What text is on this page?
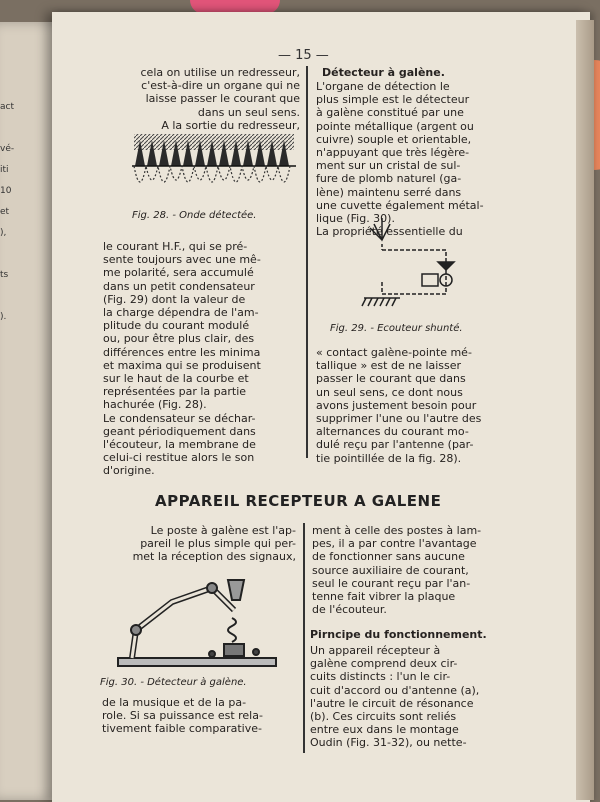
act

vé-

iti

10

et

),

ts

).

— 15 —

cela on utilise un redresseur,

c'est-à-dire un organe qui ne

laisse passer le courant que

dans un seul sens.

A la sortie du redresseur,

Fig. 28. - Onde détectée.

le courant H.F., qui se pré-

sente toujours avec une mê-

me polarité, sera accumulé

dans un petit condensateur

(Fig. 29) dont la valeur de

la charge dépendra de l'am-

plitude du courant modulé

ou, pour être plus clair, des

différences entre les minima

et maxima qui se produisent

sur le haut de la courbe et

représentées par la partie

hachurée (Fig. 28).

Le condensateur se déchar-

geant périodiquement dans

l'écouteur, la membrane de

celui-ci restitue alors le son

d'origine.

Détecteur à galène.

L'organe de détection le

plus simple est le détecteur

à galène constitué par une

pointe métallique (argent ou

cuivre) souple et orientable,

n'appuyant que très légère-

ment sur un cristal de sul-

fure de plomb naturel (ga-

lène) maintenu serré dans

une cuvette également métal-

lique (Fig. 30).

La propriété essentielle du

Fig. 29. - Ecouteur shunté.

« contact galène-pointe mé-

tallique » est de ne laisser

passer le courant que dans

un seul sens, ce dont nous

avons justement besoin pour

supprimer l'une ou l'autre des

alternances du courant mo-

dulé reçu par l'antenne (par-

tie pointillée de la fig. 28).

APPAREIL RECEPTEUR A GALENE

Le poste à galène est l'ap-

pareil le plus simple qui per-

met la réception des signaux,

Fig. 30. - Détecteur à galène.

de la musique et de la pa-

role. Si sa puissance est rela-

tivement faible comparative-

ment à celle des postes à lam-

pes, il a par contre l'avantage

de fonctionner sans aucune

source auxiliaire de courant,

seul le courant reçu par l'an-

tenne fait vibrer la plaque

de l'écouteur.

Pirncipe du fonctionnement.

Un appareil récepteur à

galène comprend deux cir-

cuits distincts : l'un le cir-

cuit d'accord ou d'antenne (a),

l'autre le circuit de résonance

(b). Ces circuits sont reliés

entre eux dans le montage

Oudin (Fig. 31-32), ou nette-
